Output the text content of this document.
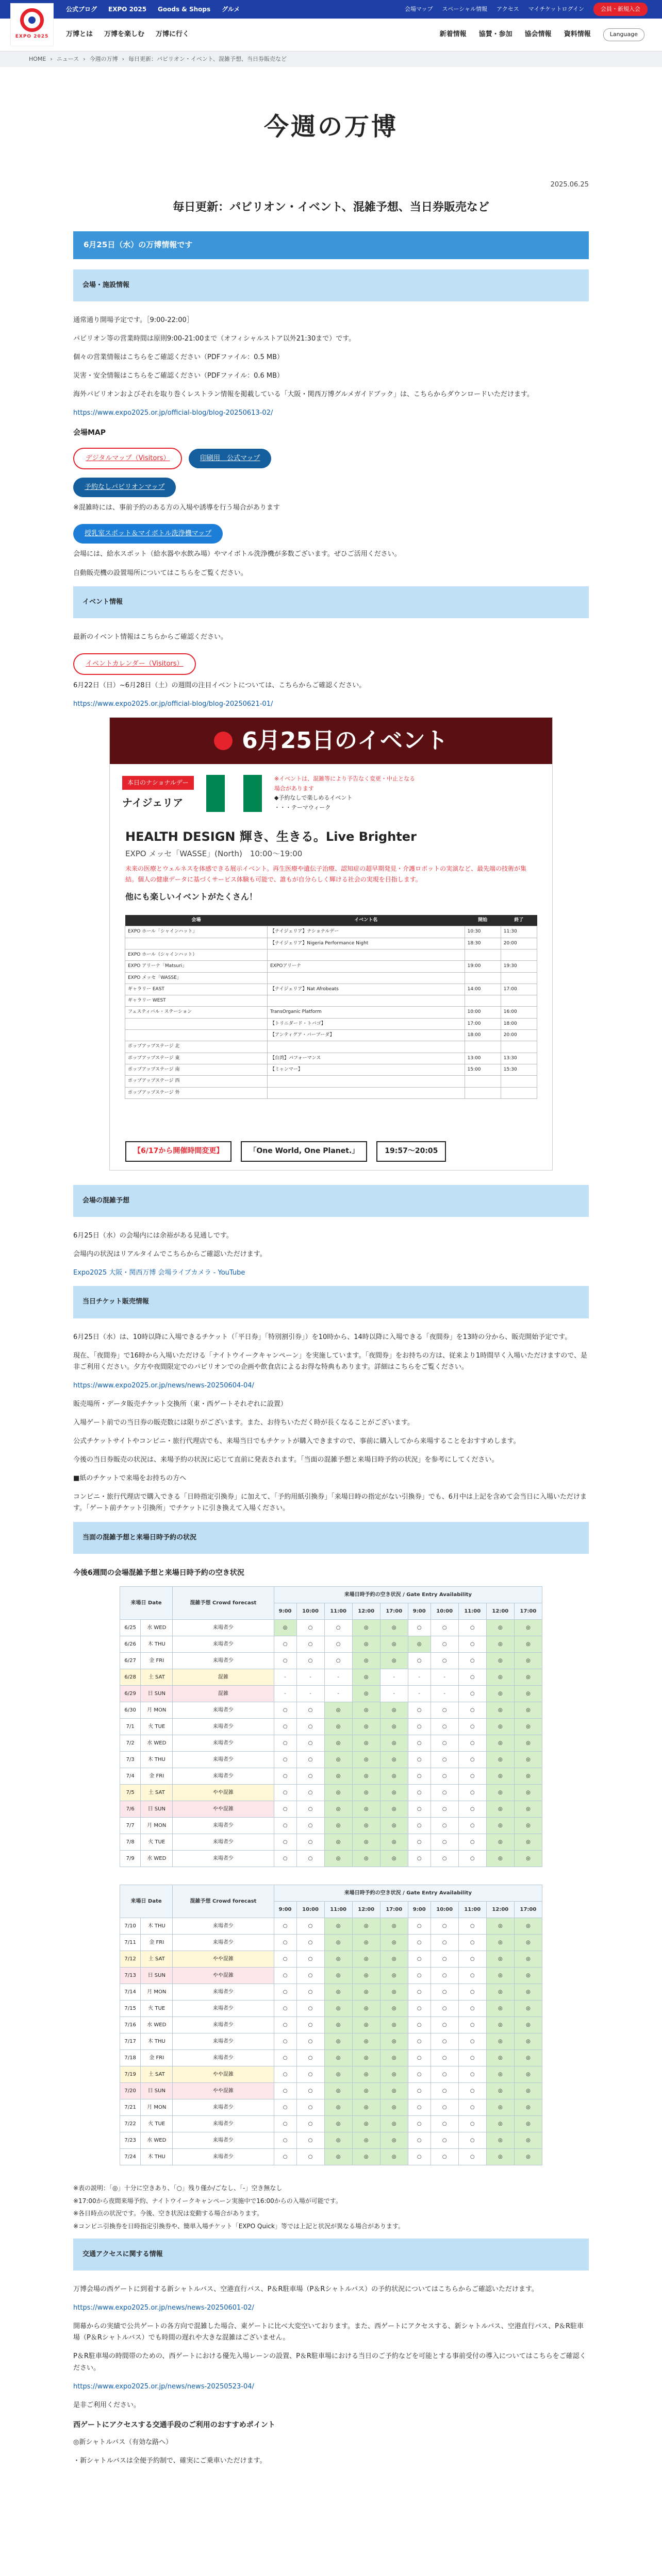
EXPO 2025
公式ブログ EXPO 2025 Goods & Shops グルメ	会場マップ スペーシャル情報 アクセス マイチケットログイン	会員・新規入会
万博とは 万博を楽しむ 万博に行く	新着情報 協賛・参加 協会情報 資料情報	Language
HOME › ニュース › 今週の万博 › 毎日更新：パビリオン・イベント、混雑予想、当日券販売など
今週の万博
2025.06.25
毎日更新：パビリオン・イベント、混雑予想、当日券販売など
6月25日（水）の万博情報です
会場・施設情報

通常通り開場予定です。［9:00-22:00］

パビリオン等の営業時間は原則9:00-21:00まで（オフィシャルストア以外21:30まで）です。

個々の営業情報はこちらをご確認ください（PDFファイル：0.5 MB）

災害・安全情報はこちらをご確認ください（PDFファイル：0.6 MB）

海外パビリオンおよびそれを取り巻くレストラン情報を掲載している「大阪・関西万博グルメガイドブック」は、こちらからダウンロードいただけます。

https://www.expo2025.or.jp/official-blog/blog-20250613-02/

会場MAP
デジタルマップ（Visitors）	印刷用　公式マップ
予約なしパビリオンマップ

※混雑時には、事前予約のある方の入場や誘導を行う場合があります

授乳室スポット＆マイボトル洗浄機マップ

会場には、給水スポット（給水器や水飲み場）やマイボトル洗浄機が多数ございます。ぜひご活用ください。

自動販売機の設置場所についてはこちらをご覧ください。

イベント情報

最新のイベント情報はこちらからご確認ください。

イベントカレンダー（Visitors）

6月22日（日）~6月28日（土）の週間の注目イベントについては、こちらからご確認ください。

https://www.expo2025.or.jp/official-blog/blog-20250621-01/

6月25日のイベント
本日のナショナルデー
ナイジェリア
※イベントは、混雑等により予告なく変更・中止となる場合があります
◆予約なしで楽しめるイベント
・・・テーマウィーク
HEALTH DESIGN 輝き、生きる。Live Brighter
EXPO メッセ「WASSE」(North)　10:00〜19:00
未来の医療とウェルネスを体感できる展示イベント。再生医療や遺伝子治療、認知症の超早期発見・介護ロボットの実演など、最先端の技術が集結。個人の健康データに基づくサービス体験も可能で、誰もが自分らしく輝ける社会の実現を目指します。
他にも楽しいイベントがたくさん！
会場	イベント名	開始	終了
EXPO ホール「シャインハット」	【ナイジェリア】ナショナルデー	10:30	11:30
	【ナイジェリア】Nigeria Performance Night	18:30	20:00
EXPO ホール（シャインハット）			
EXPO アリーナ「Matsuri」	EXPOアリーナ	19:00	19:30
EXPO メッセ「WASSE」			
ギャラリー EAST	【ナイジェリア】Nat Afrobeats	14:00	17:00
ギャラリー WEST			
フェスティバル・ステーション	TransOrganic Platform	10:00	16:00
	【トリニダード・トバゴ】	17:00	18:00
	【アンティグア・バーブーダ】	18:00	20:00
ポップアップステージ 北			
ポップアップステージ 東	【台湾】パフォーマンス	13:00	13:30
ポップアップステージ 南	【ミャンマー】	15:00	15:30
ポップアップステージ 西			
ポップアップステージ 外			
【6/17から開催時間変更】	「One World, One Planet.」	19:57〜20:05
会場の混雑予想

6月25日（水）の会場内には余裕がある見通しです。

会場内の状況はリアルタイムでこちらからご確認いただけます。

Expo2025 大阪・関西万博 会場ライブカメラ - YouTube

当日チケット販売情報

6月25日（水）は、10時以降に入場できるチケット（「平日券」「特別割引券」）を10時から、14時以降に入場できる「夜間券」を13時の分から、販売開始予定です。

現在、「夜間券」で16時から入場いただける「ナイトウイークキャンペーン」を実施しています。「夜間券」をお持ちの方は、従来より1時間早く入場いただけますので、是非ご利用ください。夕方や夜間限定でのパビリオンでの企画や飲食店によるお得な特典もあります。詳細はこちらをご覧ください。

https://www.expo2025.or.jp/news/news-20250604-04/

販売場所・データ販売チケット交換所（東・西ゲートそれぞれに設置）

入場ゲート前での当日券の販売数には限りがございます。また、お待ちいただく時が長くなることがございます。

公式チケットサイトやコンビニ・旅行代理店でも、来場当日でもチケットが購入できますので、事前に購入してから来場することをおすすめします。

今後の当日券販売の状況は、来場予約の状況に応じて直前に発表されます。「当面の混雑予想と来場日時予約の状況」を参考にしてください。

■紙のチケットで来場をお持ちの方へ

コンビニ・旅行代理店で購入できる「日時指定引換券」に加えて、「予約用紙引換券」「来場日時の指定がない引換券」でも、6月中は上記を含めて会当日に入場いただけます。「ゲート前チケット引換所」でチケットに引き換えて入場ください。

当面の混雑予想と来場日時予約の状況
今後6週間の会場混雑予想と来場日時予約の空き状況
来場日 Date		混雑予想 Crowd forecast	来場日時予約の空き状況 / Gate Entry Availability									
			9:00	10:00	11:00	12:00	17:00	9:00	10:00	11:00	12:00	17:00
6/25	水 WED	来場者少	◎	○	○	◎	◎	○	○	○	◎	◎
6/26	木 THU	来場者少	○	○	○	◎	◎	◎	○	○	◎	◎
6/27	金 FRI	来場者少	○	○	○	◎	◎	○	○	○	◎	◎
6/28	土 SAT	混雑	-	-	-	◎	-	-	-	○	◎	◎
6/29	日 SUN	混雑	-	-	-	◎	-	-	-	○	◎	◎
6/30	月 MON	来場者少	○	○	◎	◎	◎	○	○	○	◎	◎
7/1	火 TUE	来場者少	○	○	◎	◎	◎	○	○	○	◎	◎
7/2	水 WED	来場者少	○	○	◎	◎	◎	○	○	○	◎	◎
7/3	木 THU	来場者少	○	○	◎	◎	◎	○	○	○	◎	◎
7/4	金 FRI	来場者少	○	○	◎	◎	◎	○	○	○	◎	◎
7/5	土 SAT	やや混雑	○	○	◎	◎	◎	○	○	○	◎	◎
7/6	日 SUN	やや混雑	○	○	◎	◎	◎	○	○	○	◎	◎
7/7	月 MON	来場者少	○	○	◎	◎	◎	○	○	○	◎	◎
7/8	火 TUE	来場者少	○	○	◎	◎	◎	○	○	○	◎	◎
7/9	水 WED	来場者少	○	○	◎	◎	◎	○	○	○	◎	◎
来場日 Date		混雑予想 Crowd forecast	来場日時予約の空き状況 / Gate Entry Availability									
			9:00	10:00	11:00	12:00	17:00	9:00	10:00	11:00	12:00	17:00
7/10	木 THU	来場者少	○	○	◎	◎	◎	○	○	○	◎	◎
7/11	金 FRI	来場者少	○	○	◎	◎	◎	○	○	○	◎	◎
7/12	土 SAT	やや混雑	○	○	◎	◎	◎	○	○	○	◎	◎
7/13	日 SUN	やや混雑	○	○	◎	◎	◎	○	○	○	◎	◎
7/14	月 MON	来場者少	○	○	◎	◎	◎	○	○	○	◎	◎
7/15	火 TUE	来場者少	○	○	◎	◎	◎	○	○	○	◎	◎
7/16	水 WED	来場者少	○	○	◎	◎	◎	○	○	○	◎	◎
7/17	木 THU	来場者少	○	○	◎	◎	◎	○	○	○	◎	◎
7/18	金 FRI	来場者少	○	○	◎	◎	◎	○	○	○	◎	◎
7/19	土 SAT	やや混雑	○	○	◎	◎	◎	○	○	○	◎	◎
7/20	日 SUN	やや混雑	○	○	◎	◎	◎	○	○	○	◎	◎
7/21	月 MON	来場者少	○	○	◎	◎	◎	○	○	○	◎	◎
7/22	火 TUE	来場者少	○	○	◎	◎	◎	○	○	○	◎	◎
7/23	水 WED	来場者少	○	○	◎	◎	◎	○	○	○	◎	◎
7/24	木 THU	来場者少	○	○	◎	◎	◎	○	○	○	◎	◎
※表の説明：「◎」十分に空きあり、「○」残り僅か/ごなし、「-」空き無なし
※17:00から夜間来場予約、ナイトウイークキャンペーン実施中で16:00からの入場が可能です。
※各日時点の状況です。今後、空き状況は変動する場合があります。
※コンビニ引換券を日時指定引換券や、簡単入場チケット「EXPO Quick」等では上記と状況が異なる場合があります。
交通アクセスに関する情報

万博会場の西ゲートに到着する新シャトルバス、空港直行バス、P＆R駐車場（P＆Rシャトルバス）の予約状況についてはこちらからご確認いただけます。

https://www.expo2025.or.jp/news/news-20250601-02/

開幕からの実績で公共ゲートの各方向で混雑した場合、東ゲートに比べ大変空いております。また、西ゲートにアクセスする、新シャトルバス、空港直行バス、P＆R駐車場（P＆Rシャトルバス）でも時間の遅れや大きな混雑はございません。

P＆R駐車場の時間帯のための、西ゲートにおける優先入場レーンの設置、P＆R駐車場における当日のご予約などを可能とする事前受付の導入についてはこちらをご確認ください。

https://www.expo2025.or.jp/news/news-20250523-04/

是非ご利用ください。

西ゲートにアクセスする交通手段のご利用のおすすめポイント

◎新シャトルバス（有効な路へ）

・新シャトルバスは全便予約制で、確実にご乗車いただけます。
